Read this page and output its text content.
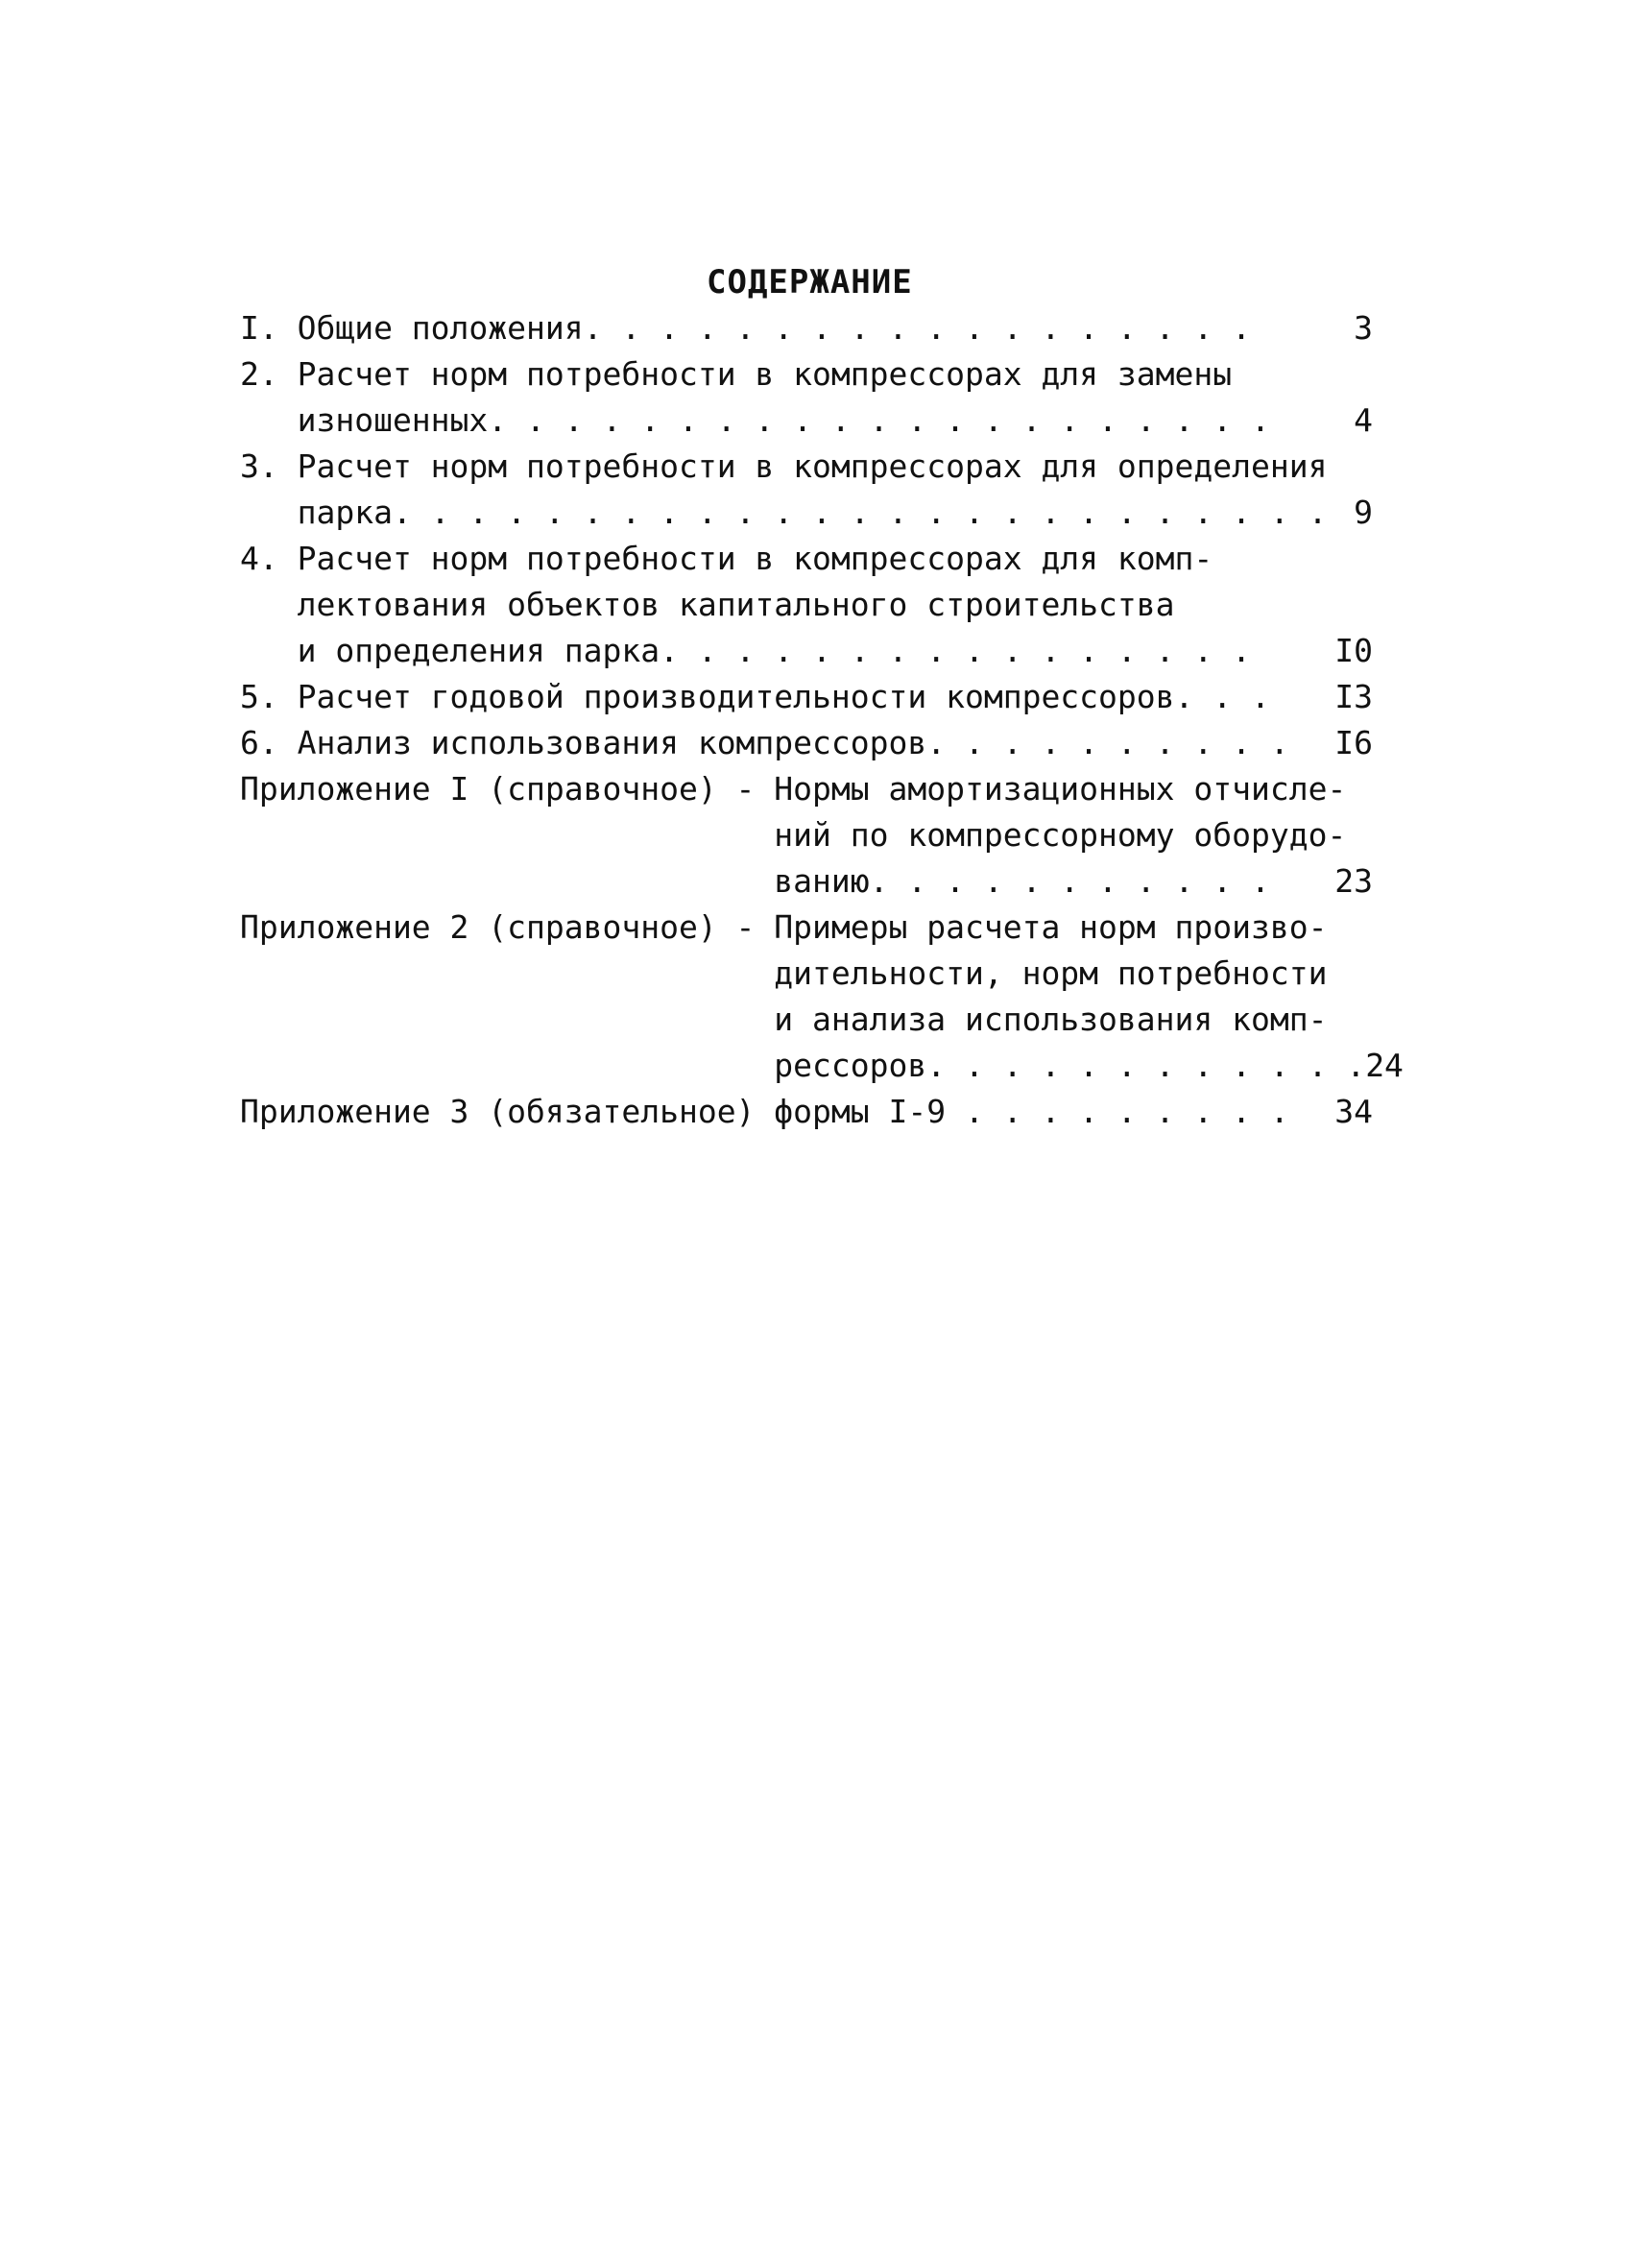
СОДЕРЖАНИЕ
I. Общие положения. . . . . . . . . . . . . . . . . .	3
2. Расчет норм потребности в компрессорах для замены
изношенных. . . . . . . . . . . . . . . . . . . . .	4
3. Расчет норм потребности в компрессорах для определения
парка. . . . . . . . . . . . . . . . . . . . . . . . . 9
4. Расчет норм потребности в компрессорах для комп-
лектования объектов капитального строительства
и определения парка. . . . . . . . . . . . . . . .	I0
5. Расчет годовой производительности компрессоров. . .	I3
6. Анализ использования компрессоров. . . . . . . . . .	I6
Приложение I (справочное) - Нормы амортизационных отчисле-
ний по компрессорному оборудо-
ванию. . . . . . . . . . .	23
Приложение 2 (справочное) - Примеры расчета норм произво-
дительности, норм потребности
и анализа использования комп-
рессоров. . . . . . . . . . . .24
Приложение 3 (обязательное) формы I-9 . . . . . . . . .	34
